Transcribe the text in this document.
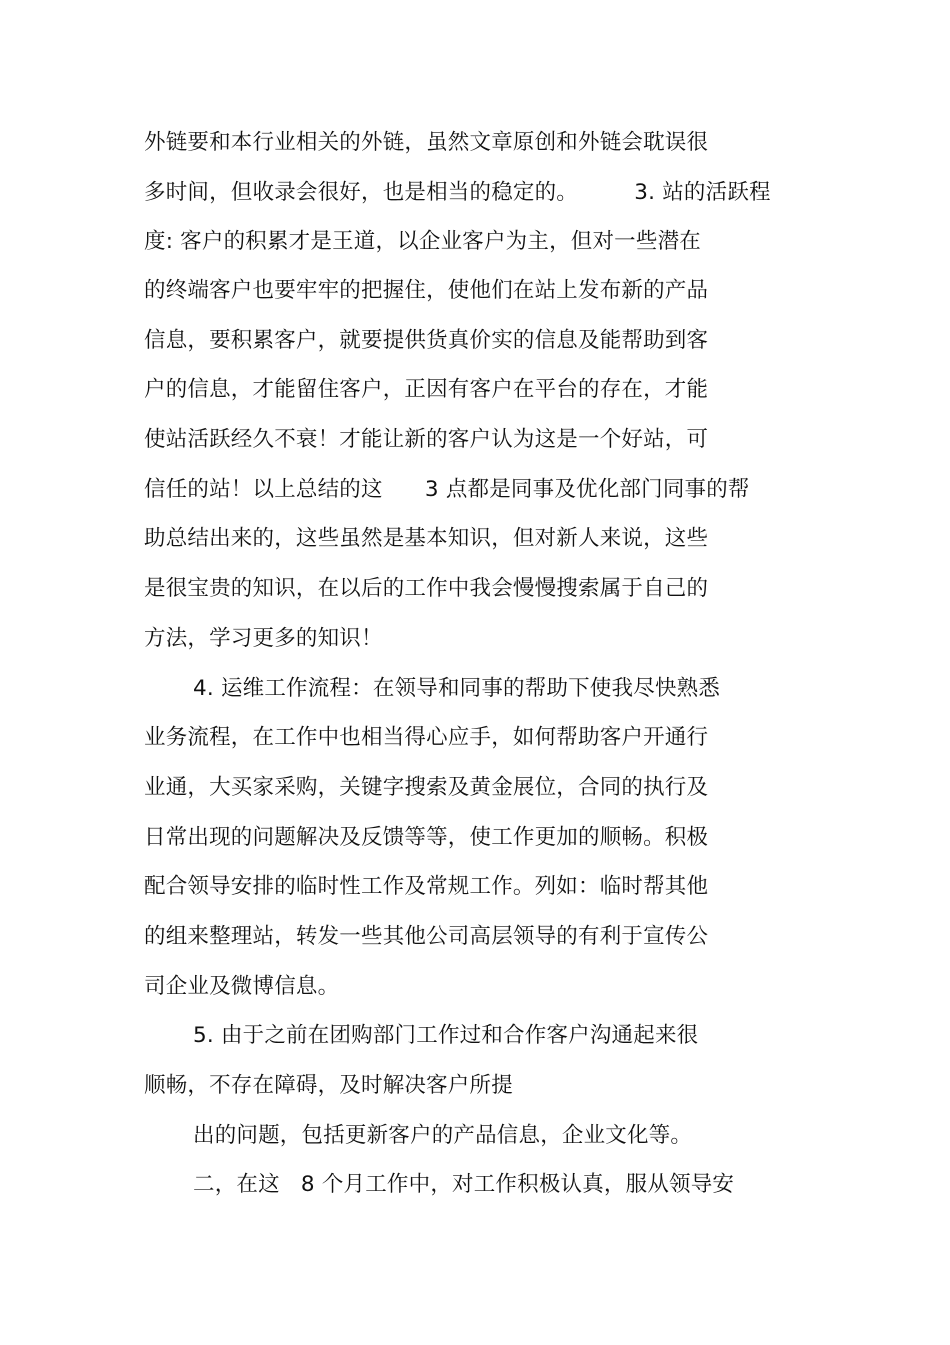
外链要和本行业相关的外链，虽然文章原创和外链会耽误很

多时间，但收录会很好，也是相当的稳定的。        3. 站的活跃程

度: 客户的积累才是王道，以企业客户为主，但对一些潜在

的终端客户也要牢牢的把握住，使他们在站上发布新的产品

信息，要积累客户，就要提供货真价实的信息及能帮助到客

户的信息，才能留住客户，正因有客户在平台的存在，才能

使站活跃经久不衰！才能让新的客户认为这是一个好站，可

信任的站！以上总结的这      3 点都是同事及优化部门同事的帮

助总结出来的，这些虽然是基本知识，但对新人来说，这些

是很宝贵的知识，在以后的工作中我会慢慢搜索属于自己的

方法，学习更多的知识！

4. 运维工作流程：在领导和同事的帮助下使我尽快熟悉

业务流程，在工作中也相当得心应手，如何帮助客户开通行

业通，大买家采购，关键字搜索及黄金展位，合同的执行及

日常出现的问题解决及反馈等等，使工作更加的顺畅。积极

配合领导安排的临时性工作及常规工作。列如：临时帮其他

的组来整理站，转发一些其他公司高层领导的有利于宣传公

司企业及微博信息。

5. 由于之前在团购部门工作过和合作客户沟通起来很

顺畅，不存在障碍，及时解决客户所提

出的问题，包括更新客户的产品信息，企业文化等。

二，在这   8 个月工作中，对工作积极认真，服从领导安
